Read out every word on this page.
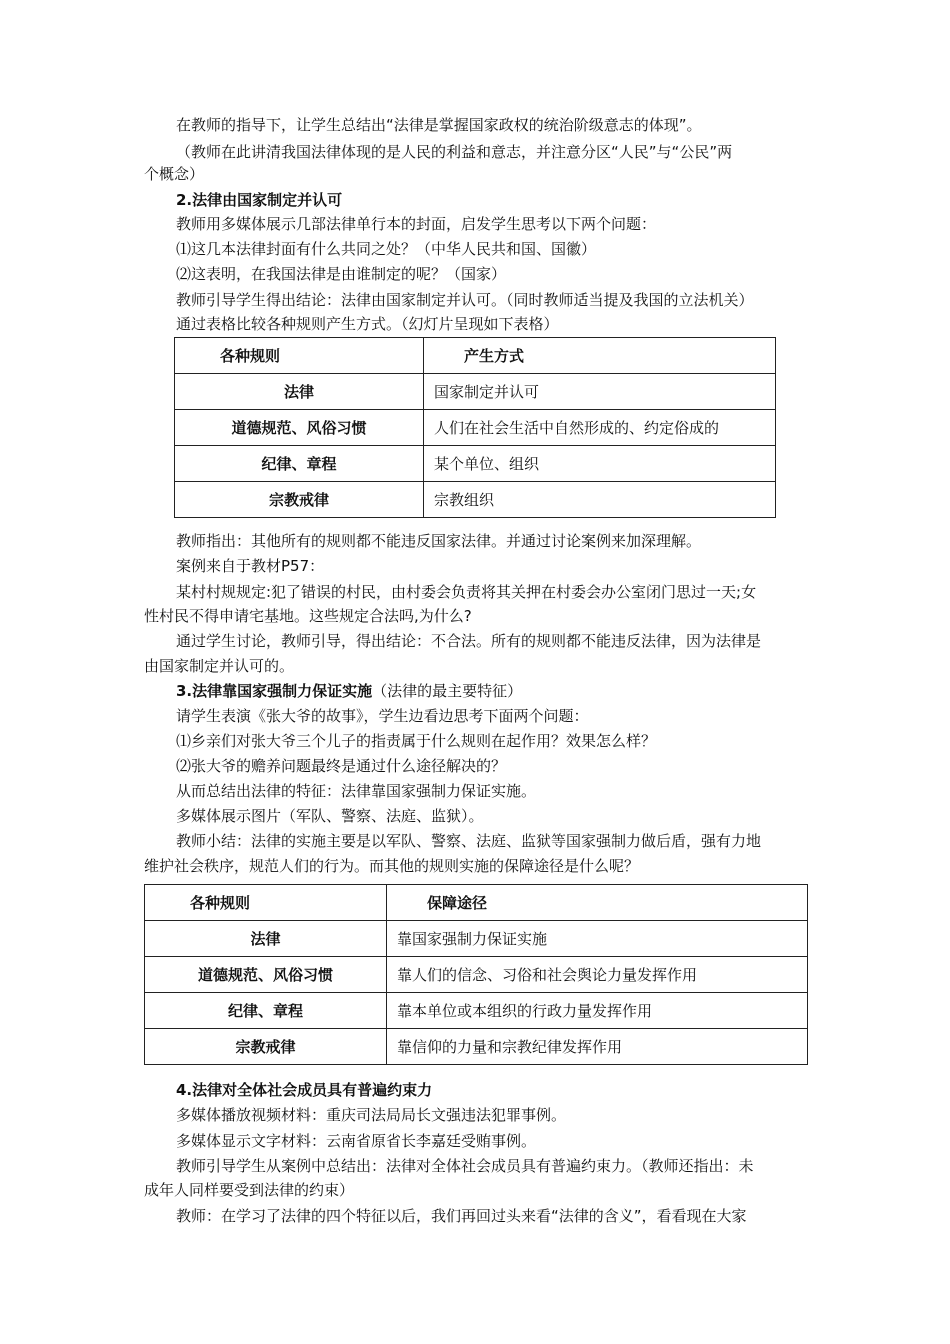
在教师的指导下，让学生总结出“法律是掌握国家政权的统治阶级意志的体现”。
（教师在此讲清我国法律体现的是人民的利益和意志，并注意分区“人民”与“公民”两
个概念）
2.法律由国家制定并认可
教师用多媒体展示几部法律单行本的封面，启发学生思考以下两个问题：
⑴这几本法律封面有什么共同之处？（中华人民共和国、国徽）
⑵这表明，在我国法律是由谁制定的呢？（国家）
教师引导学生得出结论：法律由国家制定并认可。（同时教师适当提及我国的立法机关）
通过表格比较各种规则产生方式。（幻灯片呈现如下表格）
各种规则	产生方式
法律	国家制定并认可
道德规范、风俗习惯	人们在社会生活中自然形成的、约定俗成的
纪律、章程	某个单位、组织
宗教戒律	宗教组织
教师指出：其他所有的规则都不能违反国家法律。并通过讨论案例来加深理解。
案例来自于教材P57：
某村村规规定:犯了错误的村民，由村委会负责将其关押在村委会办公室闭门思过一天;女
性村民不得申请宅基地。这些规定合法吗,为什么?
通过学生讨论，教师引导，得出结论：不合法。所有的规则都不能违反法律，因为法律是
由国家制定并认可的。
3.法律靠国家强制力保证实施（法律的最主要特征）
请学生表演《张大爷的故事》，学生边看边思考下面两个问题：
⑴乡亲们对张大爷三个儿子的指责属于什么规则在起作用？效果怎么样？
⑵张大爷的赡养问题最终是通过什么途径解决的？
从而总结出法律的特征：法律靠国家强制力保证实施。
多媒体展示图片（军队、警察、法庭、监狱）。
教师小结：法律的实施主要是以军队、警察、法庭、监狱等国家强制力做后盾，强有力地
维护社会秩序，规范人们的行为。而其他的规则实施的保障途径是什么呢？
各种规则	保障途径
法律	靠国家强制力保证实施
道德规范、风俗习惯	靠人们的信念、习俗和社会舆论力量发挥作用
纪律、章程	靠本单位或本组织的行政力量发挥作用
宗教戒律	靠信仰的力量和宗教纪律发挥作用
4.法律对全体社会成员具有普遍约束力
多媒体播放视频材料：重庆司法局局长文强违法犯罪事例。
多媒体显示文字材料：云南省原省长李嘉廷受贿事例。
教师引导学生从案例中总结出：法律对全体社会成员具有普遍约束力。（教师还指出：未
成年人同样要受到法律的约束）
教师：在学习了法律的四个特征以后，我们再回过头来看“法律的含义”，看看现在大家
